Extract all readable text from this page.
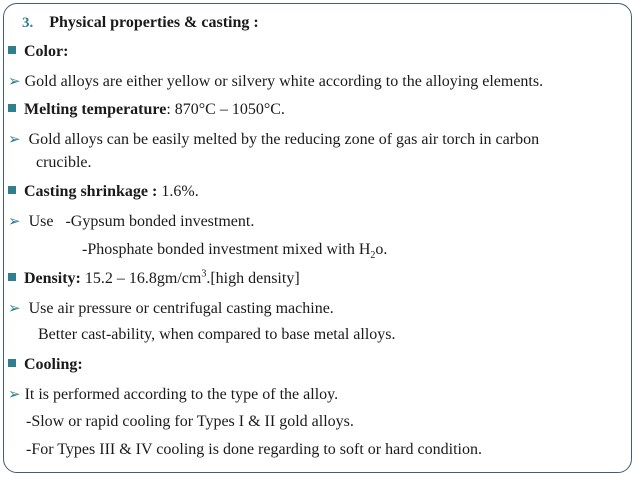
3. Physical properties & casting :
Color:
➢ Gold alloys are either yellow or silvery white according to the alloying elements.
Melting temperature: 870°C – 1050°C.
➢ Gold alloys can be easily melted by the reducing zone of gas air torch in carbon
crucible.
Casting shrinkage : 1.6%.
➢ Use   -Gypsum bonded investment.
-Phosphate bonded investment mixed with $H_2o$.
Density: $15.2 - 16.8gm/cm^3.[high$ density]
➢ Use air pressure or centrifugal casting machine.
Better cast-ability, when compared to base metal alloys.
Cooling:
➢ It is performed according to the type of the alloy.
-Slow or rapid cooling for Types I & II gold alloys.
-For Types III & IV cooling is done regarding to soft or hard condition.
